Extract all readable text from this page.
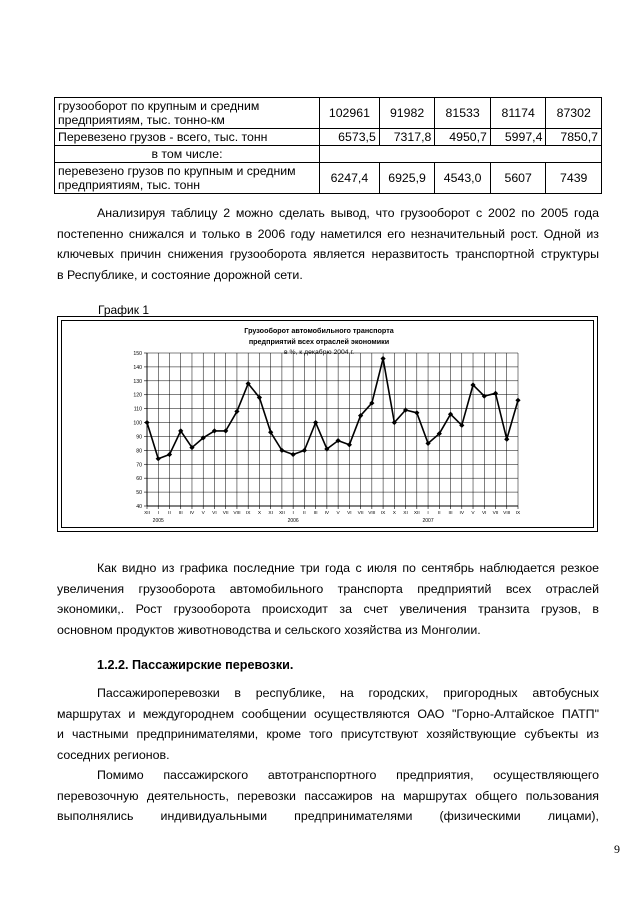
грузооборот по крупным и средним предприятиям, тыс. тонно-км	102961	91982	81533	81174	87302
Перевезено грузов - всего, тыс. тонн	6573,5	7317,8	4950,7	5997,4	7850,7
в том числе:					
перевезено грузов по крупным и средним предприятиям, тыс. тонн	6247,4	6925,9	4543,0	5607	7439
Анализируя таблицу 2 можно сделать вывод, что грузооборот с 2002 по 2005 года
постепенно снижался и только в 2006 году наметился его незначительный рост. Одной из
ключевых причин снижения грузооборота является неразвитость транспортной структуры
в Республике, и состояние дорожной сети.
График 1
Грузооборот автомобильного транспорта
предприятий всех отраслей экономики
в %, к декабрю 2004 г.
40
50
60
70
80
90
100
110
120
130
140
150
XII I II III IV V VI VII VIII IX X XI XII I II III IV V VI VII VIII IX X XI XII I II III IV V VI VII VIII IX
2005	2006	2007
Как видно из графика последние три года с июля по сентябрь наблюдается резкое
увеличения грузооборота автомобильного транспорта предприятий всех отраслей
экономики,. Рост грузооборота происходит за счет увеличения транзита грузов, в
основном продуктов животноводства и сельского хозяйства из Монголии.
1.2.2. Пассажирские перевозки.
Пассажироперевозки в республике, на городских, пригородных автобусных
маршрутах и междугороднем сообщении осуществляются ОАО "Горно-Алтайское ПАТП"
и частными предпринимателями, кроме того присутствуют хозяйствующие субъекты из
соседних регионов.
Помимо пассажирского автотранспортного предприятия, осуществляющего
перевозочную деятельность, перевозки пассажиров на маршрутах общего пользования
выполнялись индивидуальными предпринимателями (физическими лицами),
9
